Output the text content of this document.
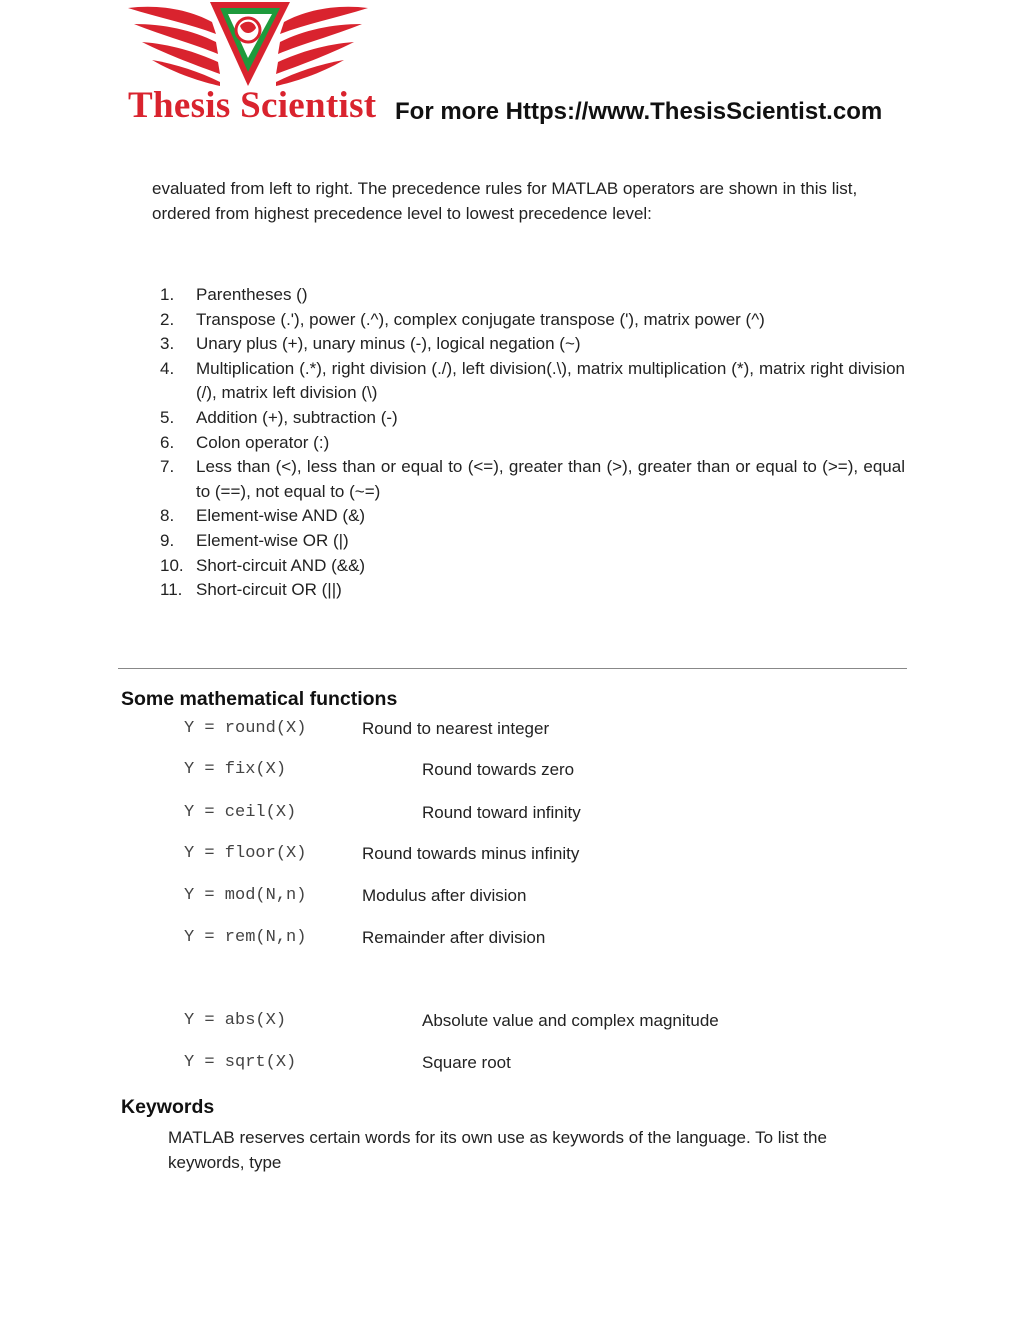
Thesis Scientist For more Https://www.ThesisScientist.com
evaluated from left to right. The precedence rules for MATLAB operators are shown in this list, ordered from highest precedence level to lowest precedence level:
1. Parentheses ()
2. Transpose (.'), power (.^), complex conjugate transpose ('), matrix power (^)
3. Unary plus (+), unary minus (-), logical negation (~)
4. Multiplication (.*), right division (./), left division(.\), matrix multiplication (*), matrix right division (/), matrix left division (\)
5. Addition (+), subtraction (-)
6. Colon operator (:)
7. Less than (<), less than or equal to (<=), greater than (>), greater than or equal to (>=), equal to (==), not equal to (~=)
8. Element-wise AND (&)
9. Element-wise OR (|)
10. Short-circuit AND (&&)
11. Short-circuit OR (||)
Some mathematical functions
Y = round(X)	Round to nearest integer
Y = fix(X)	Round towards zero
Y = ceil(X)	Round toward infinity
Y = floor(X)	Round towards minus infinity
Y = mod(N,n)	Modulus after division
Y = rem(N,n)	Remainder after division
Y = abs(X)	Absolute value and complex magnitude
Y = sqrt(X)	Square root
Keywords
MATLAB reserves certain words for its own use as keywords of the language. To list the keywords, type
